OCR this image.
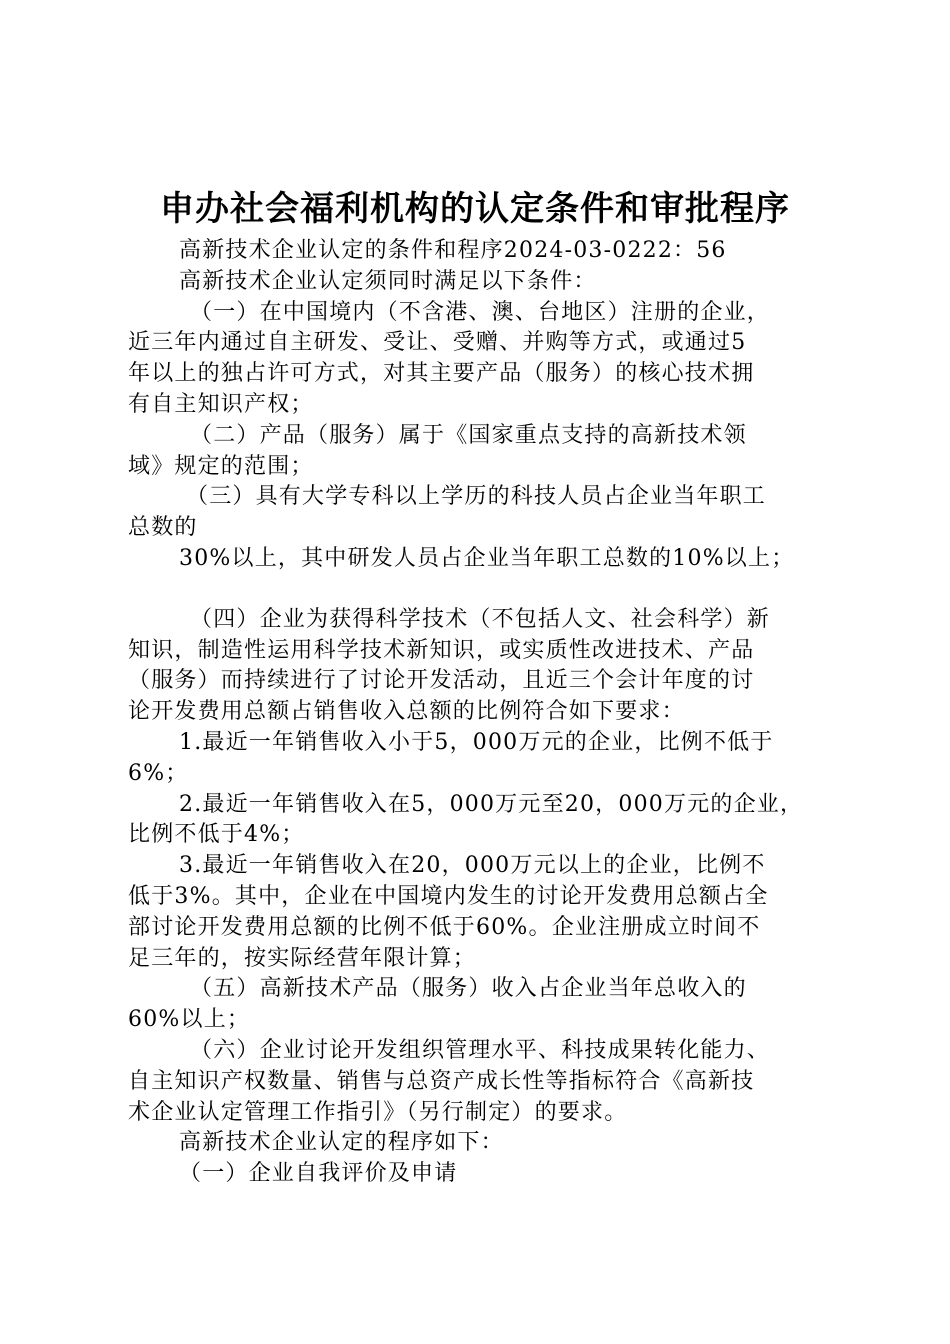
申办社会福利机构的认定条件和审批程序
高新技术企业认定的条件和程序2024-03-0222：56
高新技术企业认定须同时满足以下条件：
（一）在中国境内（不含港、澳、台地区）注册的企业，
近三年内通过自主研发、受让、受赠、并购等方式，或通过5
年以上的独占许可方式，对其主要产品（服务）的核心技术拥
有自主知识产权；
（二）产品（服务）属于《国家重点支持的高新技术领
域》规定的范围；
（三）具有大学专科以上学历的科技人员占企业当年职工
总数的
30%以上，其中研发人员占企业当年职工总数的10%以上；
（四）企业为获得科学技术（不包括人文、社会科学）新
知识，制造性运用科学技术新知识，或实质性改进技术、产品
（服务）而持续进行了讨论开发活动，且近三个会计年度的讨
论开发费用总额占销售收入总额的比例符合如下要求：
1.最近一年销售收入小于5，000万元的企业，比例不低于
6%；
2.最近一年销售收入在5，000万元至20，000万元的企业，
比例不低于4%；
3.最近一年销售收入在20，000万元以上的企业，比例不
低于3%。其中，企业在中国境内发生的讨论开发费用总额占全
部讨论开发费用总额的比例不低于60%。企业注册成立时间不
足三年的，按实际经营年限计算；
（五）高新技术产品（服务）收入占企业当年总收入的
60%以上；
（六）企业讨论开发组织管理水平、科技成果转化能力、
自主知识产权数量、销售与总资产成长性等指标符合《高新技
术企业认定管理工作指引》（另行制定）的要求。
高新技术企业认定的程序如下：
（一）企业自我评价及申请
